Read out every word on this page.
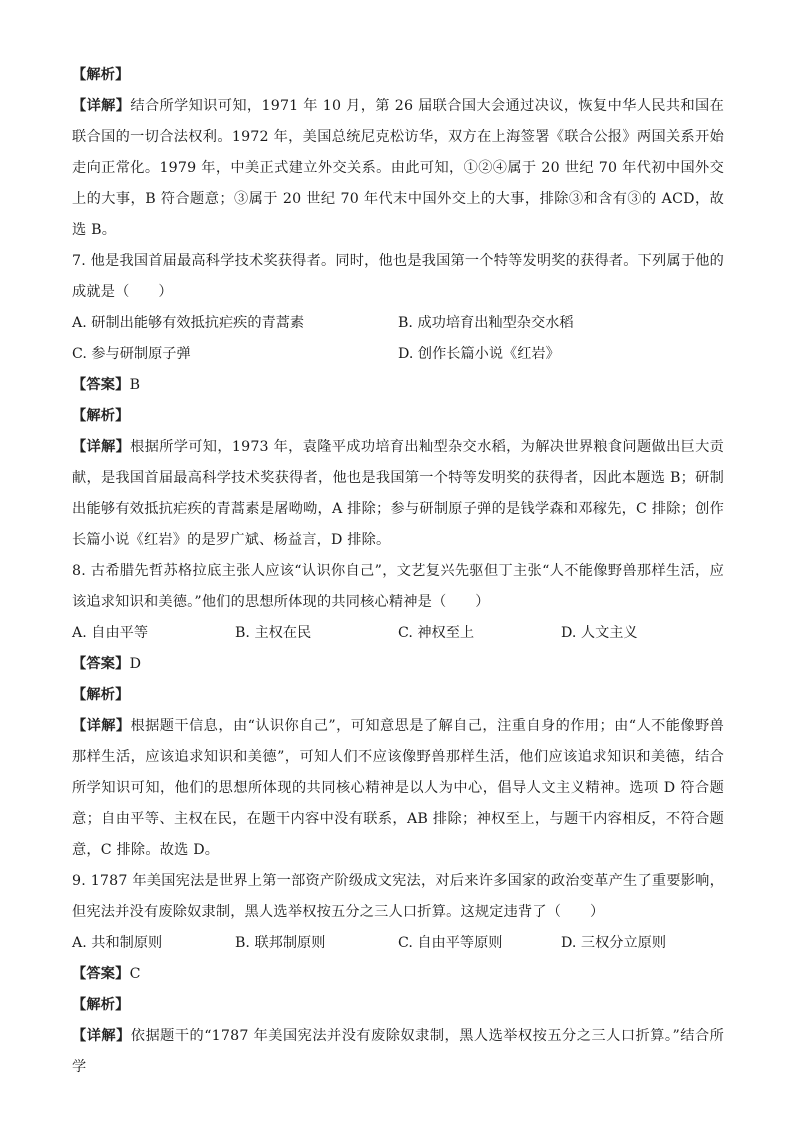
【解析】
【详解】结合所学知识可知，1971 年 10 月，第 26 届联合国大会通过决议，恢复中华人民共和国在联合国的一切合法权利。1972 年，美国总统尼克松访华，双方在上海签署《联合公报》两国关系开始走向正常化。1979 年，中美正式建立外交关系。由此可知，①②④属于 20 世纪 70 年代初中国外交上的大事，B 符合题意；③属于 20 世纪 70 年代末中国外交上的大事，排除③和含有③的 ACD，故选 B。
7. 他是我国首届最高科学技术奖获得者。同时，他也是我国第一个特等发明奖的获得者。下列属于他的成就是（　　）
A. 研制出能够有效抵抗疟疾的青蒿素	B. 成功培育出籼型杂交水稻
C. 参与研制原子弹	D. 创作长篇小说《红岩》
【答案】B
【解析】
【详解】根据所学可知，1973 年，袁隆平成功培育出籼型杂交水稻，为解决世界粮食问题做出巨大贡献，是我国首届最高科学技术奖获得者，他也是我国第一个特等发明奖的获得者，因此本题选 B；研制出能够有效抵抗疟疾的青蒿素是屠呦呦，A 排除；参与研制原子弹的是钱学森和邓稼先，C 排除；创作长篇小说《红岩》的是罗广斌、杨益言，D 排除。
8. 古希腊先哲苏格拉底主张人应该“认识你自己”，文艺复兴先驱但丁主张“人不能像野兽那样生活，应该追求知识和美德。”他们的思想所体现的共同核心精神是（　　）
A. 自由平等	B. 主权在民	C. 神权至上	D. 人文主义
【答案】D
【解析】
【详解】根据题干信息，由“认识你自己”，可知意思是了解自己，注重自身的作用；由“人不能像野兽那样生活，应该追求知识和美德”，可知人们不应该像野兽那样生活，他们应该追求知识和美德，结合所学知识可知，他们的思想所体现的共同核心精神是以人为中心，倡导人文主义精神。选项 D 符合题意；自由平等、主权在民，在题干内容中没有联系，AB 排除；神权至上，与题干内容相反，不符合题意，C 排除。故选 D。
9. 1787 年美国宪法是世界上第一部资产阶级成文宪法，对后来许多国家的政治变革产生了重要影响，但宪法并没有废除奴隶制，黑人选举权按五分之三人口折算。这规定违背了（　　）
A. 共和制原则	B. 联邦制原则	C. 自由平等原则	D. 三权分立原则
【答案】C
【解析】
【详解】依据题干的“1787 年美国宪法并没有废除奴隶制，黑人选举权按五分之三人口折算。”结合所学
